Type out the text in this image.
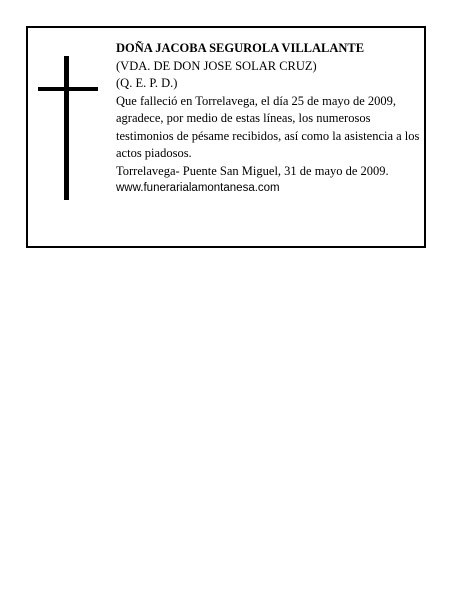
DOÑA JACOBA SEGUROLA VILLALANTE
(VDA. DE DON JOSE SOLAR CRUZ)
(Q. E. P. D.)
Que falleció en Torrelavega, el día 25 de mayo de 2009, agradece, por medio de estas líneas, los numerosos testimonios de pésame recibidos, así como la asistencia a los actos piadosos.
Torrelavega- Puente San Miguel, 31 de mayo de 2009.
www.funerarialamontanesa.com
